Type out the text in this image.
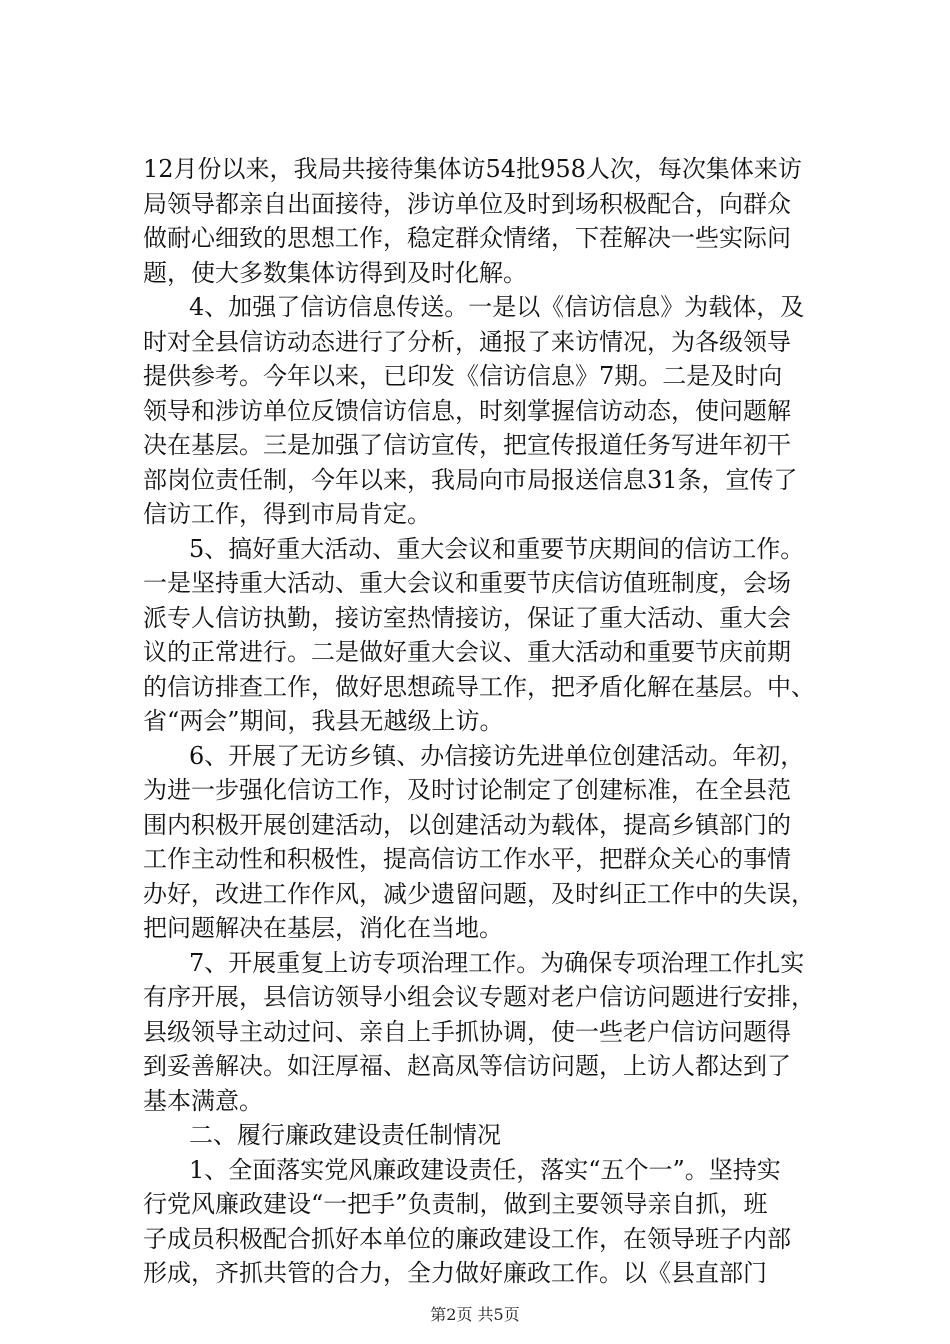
12月份以来，我局共接待集体访54批958人次，每次集体来访
局领导都亲自出面接待，涉访单位及时到场积极配合，向群众
做耐心细致的思想工作，稳定群众情绪，下茬解决一些实际问
题，使大多数集体访得到及时化解。
4、加强了信访信息传送。一是以《信访信息》为载体，及
时对全县信访动态进行了分析，通报了来访情况，为各级领导
提供参考。今年以来，已印发《信访信息》7期。二是及时向
领导和涉访单位反馈信访信息，时刻掌握信访动态，使问题解
决在基层。三是加强了信访宣传，把宣传报道任务写进年初干
部岗位责任制，今年以来，我局向市局报送信息31条，宣传了
信访工作，得到市局肯定。
5、搞好重大活动、重大会议和重要节庆期间的信访工作。
一是坚持重大活动、重大会议和重要节庆信访值班制度，会场
派专人信访执勤，接访室热情接访，保证了重大活动、重大会
议的正常进行。二是做好重大会议、重大活动和重要节庆前期
的信访排查工作，做好思想疏导工作，把矛盾化解在基层。中、
省“两会”期间，我县无越级上访。
6、开展了无访乡镇、办信接访先进单位创建活动。年初，
为进一步强化信访工作，及时讨论制定了创建标准，在全县范
围内积极开展创建活动，以创建活动为载体，提高乡镇部门的
工作主动性和积极性，提高信访工作水平，把群众关心的事情
办好，改进工作作风，减少遗留问题，及时纠正工作中的失误，
把问题解决在基层，消化在当地。
7、开展重复上访专项治理工作。为确保专项治理工作扎实
有序开展，县信访领导小组会议专题对老户信访问题进行安排，
县级领导主动过问、亲自上手抓协调，使一些老户信访问题得
到妥善解决。如汪厚福、赵高凤等信访问题，上访人都达到了
基本满意。
二、履行廉政建设责任制情况
1、全面落实党风廉政建设责任，落实“五个一”。坚持实
行党风廉政建设“一把手”负责制，做到主要领导亲自抓，班
子成员积极配合抓好本单位的廉政建设工作，在领导班子内部
形成，齐抓共管的合力，全力做好廉政工作。以《县直部门
第2页 共5页
